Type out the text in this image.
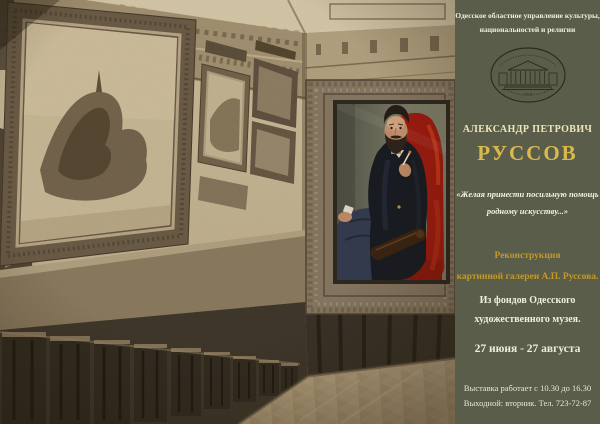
Одесское областное управление культуры,
национальностей и религии
АЛЕКСАНДР ПЕТРОВИЧ
РУССОВ
«Желая принести посильную помощь
родному искусству...»
Реконструкция
картинной галереи А.П. Руссова.
Из фондов Одесского
художественного музея.
27 июня - 27 августа
Выставка работает с 10.30 до 16.30
Выходной: вторник. Тел. 723-72-87
